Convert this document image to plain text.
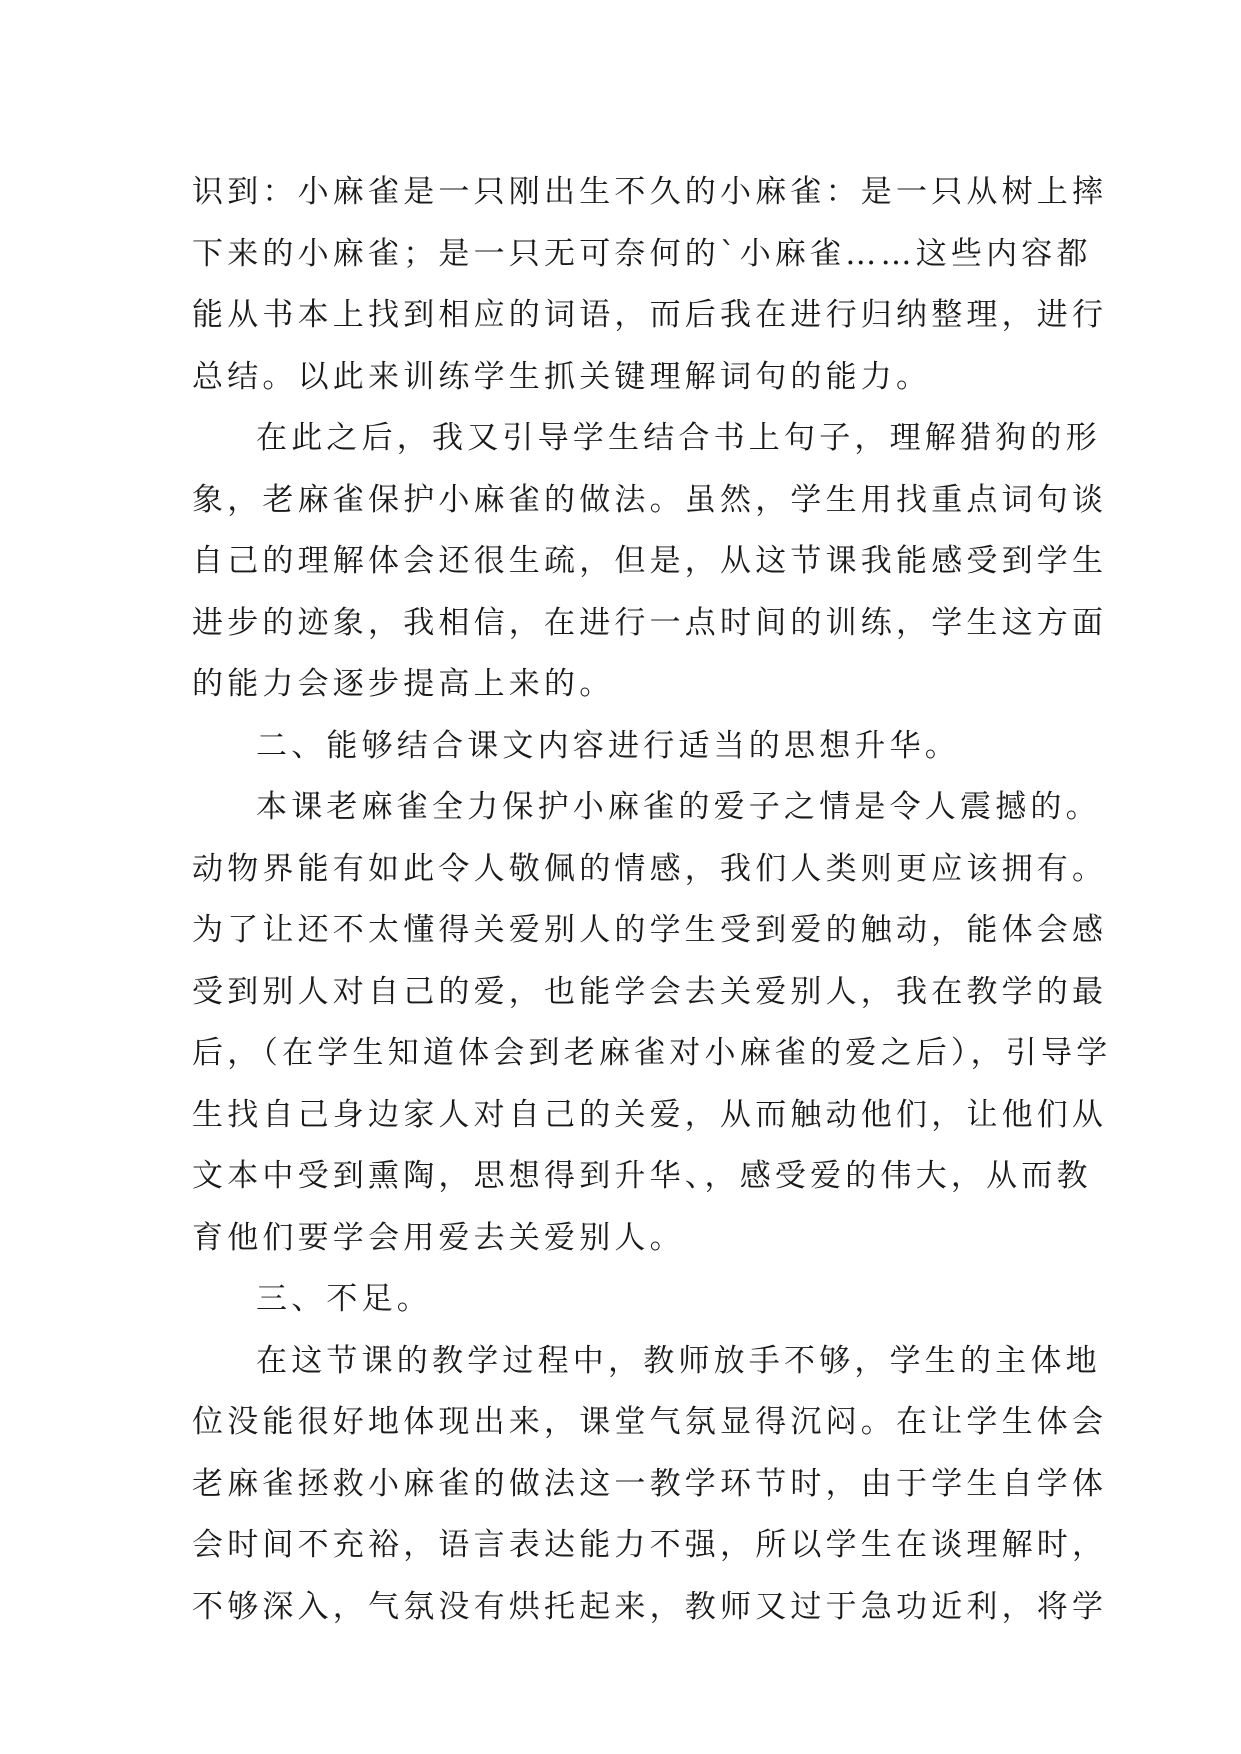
识到：小麻雀是一只刚出生不久的小麻雀：是一只从树上摔
下来的小麻雀；是一只无可奈何的`小麻雀……这些内容都
能从书本上找到相应的词语，而后我在进行归纳整理，进行
总结。以此来训练学生抓关键理解词句的能力。
在此之后，我又引导学生结合书上句子，理解猎狗的形
象，老麻雀保护小麻雀的做法。虽然，学生用找重点词句谈
自己的理解体会还很生疏，但是，从这节课我能感受到学生
进步的迹象，我相信，在进行一点时间的训练，学生这方面
的能力会逐步提高上来的。
二、能够结合课文内容进行适当的思想升华。
本课老麻雀全力保护小麻雀的爱子之情是令人震撼的。
动物界能有如此令人敬佩的情感，我们人类则更应该拥有。
为了让还不太懂得关爱别人的学生受到爱的触动，能体会感
受到别人对自己的爱，也能学会去关爱别人，我在教学的最
后，（在学生知道体会到老麻雀对小麻雀的爱之后），引导学
生找自己身边家人对自己的关爱，从而触动他们，让他们从
文本中受到熏陶，思想得到升华、，感受爱的伟大，从而教
育他们要学会用爱去关爱别人。
三、不足。
在这节课的教学过程中，教师放手不够，学生的主体地
位没能很好地体现出来，课堂气氛显得沉闷。在让学生体会
老麻雀拯救小麻雀的做法这一教学环节时，由于学生自学体
会时间不充裕，语言表达能力不强，所以学生在谈理解时，
不够深入，气氛没有烘托起来，教师又过于急功近利，将学
